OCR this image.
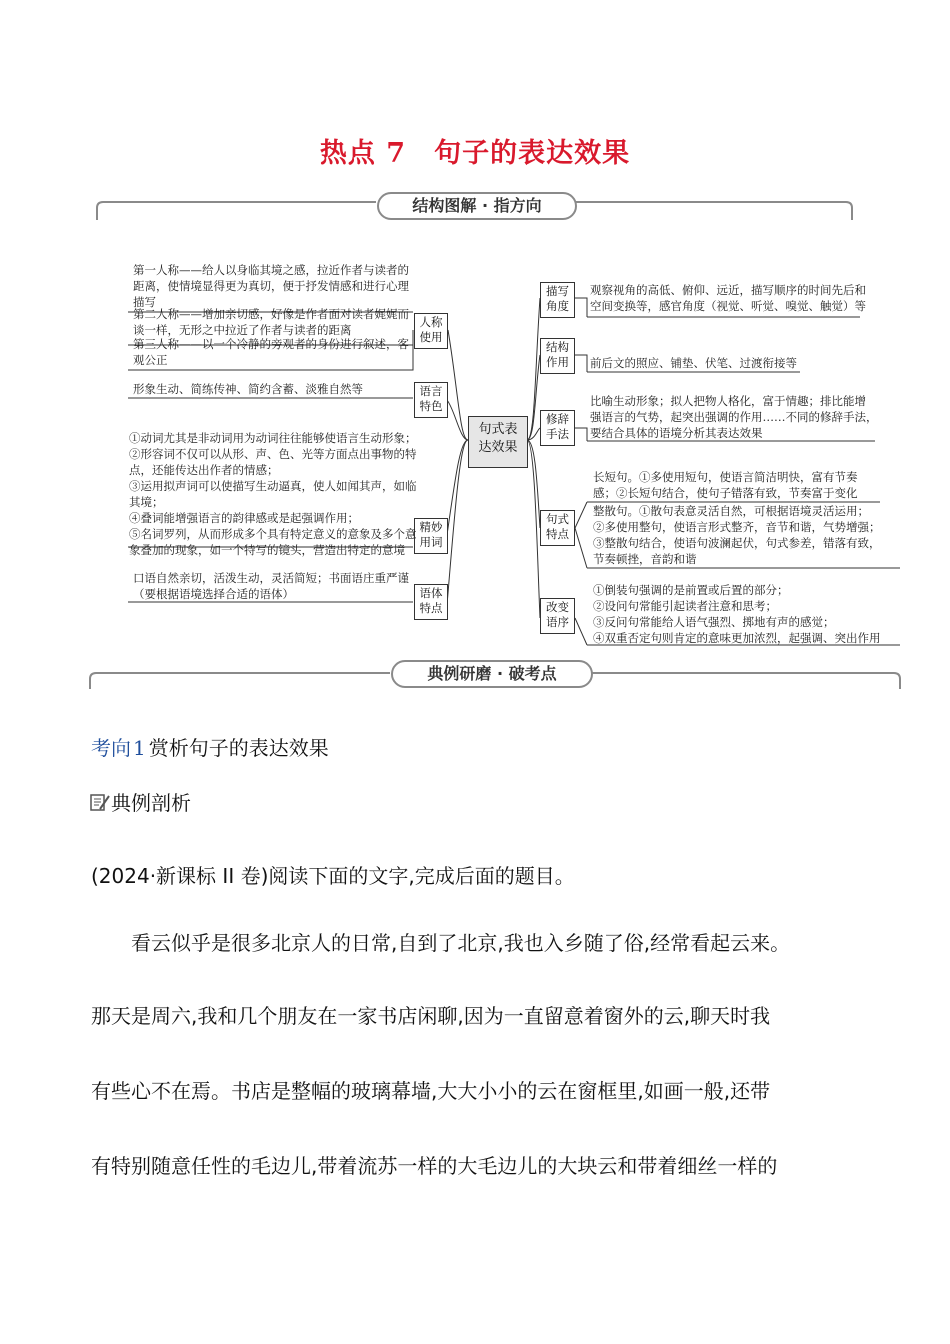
热点 7　句子的表达效果
结构图解 · 指方向
句式表
达效果
人称
使用
语言
特色
精妙
用词
语体
特点
第一人称——给人以身临其境之感，拉近作者与读者的
距离，使情境显得更为真切，便于抒发情感和进行心理
描写
第二人称——增加亲切感，好像是作者面对读者娓娓而
谈一样，无形之中拉近了作者与读者的距离
第三人称——以一个冷静的旁观者的身份进行叙述，客
观公正
形象生动、简练传神、简约含蓄、淡雅自然等
①动词尤其是非动词用为动词往往能够使语言生动形象；
②形容词不仅可以从形、声、色、光等方面点出事物的特
点，还能传达出作者的情感；
③运用拟声词可以使描写生动逼真，使人如闻其声，如临其境；
④叠词能增强语言的韵律感或是起强调作用；
⑤名词罗列，从而形成多个具有特定意义的意象及多个意
象叠加的现象，如一个特写的镜头，营造出特定的意境
口语自然亲切，活泼生动，灵活简短；书面语庄重严谨
（要根据语境选择合适的语体）
描写
角度
结构
作用
修辞
手法
句式
特点
改变
语序
观察视角的高低、俯仰、远近，描写顺序的时间先后和
空间变换等，感官角度（视觉、听觉、嗅觉、触觉）等
前后文的照应、铺垫、伏笔、过渡衔接等
比喻生动形象；拟人把物人格化，富于情趣；排比能增
强语言的气势，起突出强调的作用……不同的修辞手法，
要结合具体的语境分析其表达效果
长短句。①多使用短句，使语言简洁明快，富有节奏
感；②长短句结合，使句子错落有致，节奏富于变化
整散句。①散句表意灵活自然，可根据语境灵活运用；
②多使用整句，使语言形式整齐，音节和谐，气势增强；
③整散句结合，使语句波澜起伏，句式参差，错落有致，
节奏顿挫，音韵和谐
①倒装句强调的是前置或后置的部分；
②设问句常能引起读者注意和思考；
③反问句常能给人语气强烈、掷地有声的感觉；
④双重否定句则肯定的意味更加浓烈，起强调、突出作用
典例研磨 · 破考点
考向 1 赏析句子的表达效果
典例剖析
(2024·新课标 II 卷)阅读下面的文字,完成后面的题目。
　　看云似乎是很多北京人的日常,自到了北京,我也入乡随了俗,经常看起云来。
那天是周六,我和几个朋友在一家书店闲聊,因为一直留意着窗外的云,聊天时我
有些心不在焉。书店是整幅的玻璃幕墙,大大小小的云在窗框里,如画一般,还带
有特别随意任性的毛边儿,带着流苏一样的大毛边儿的大块云和带着细丝一样的
